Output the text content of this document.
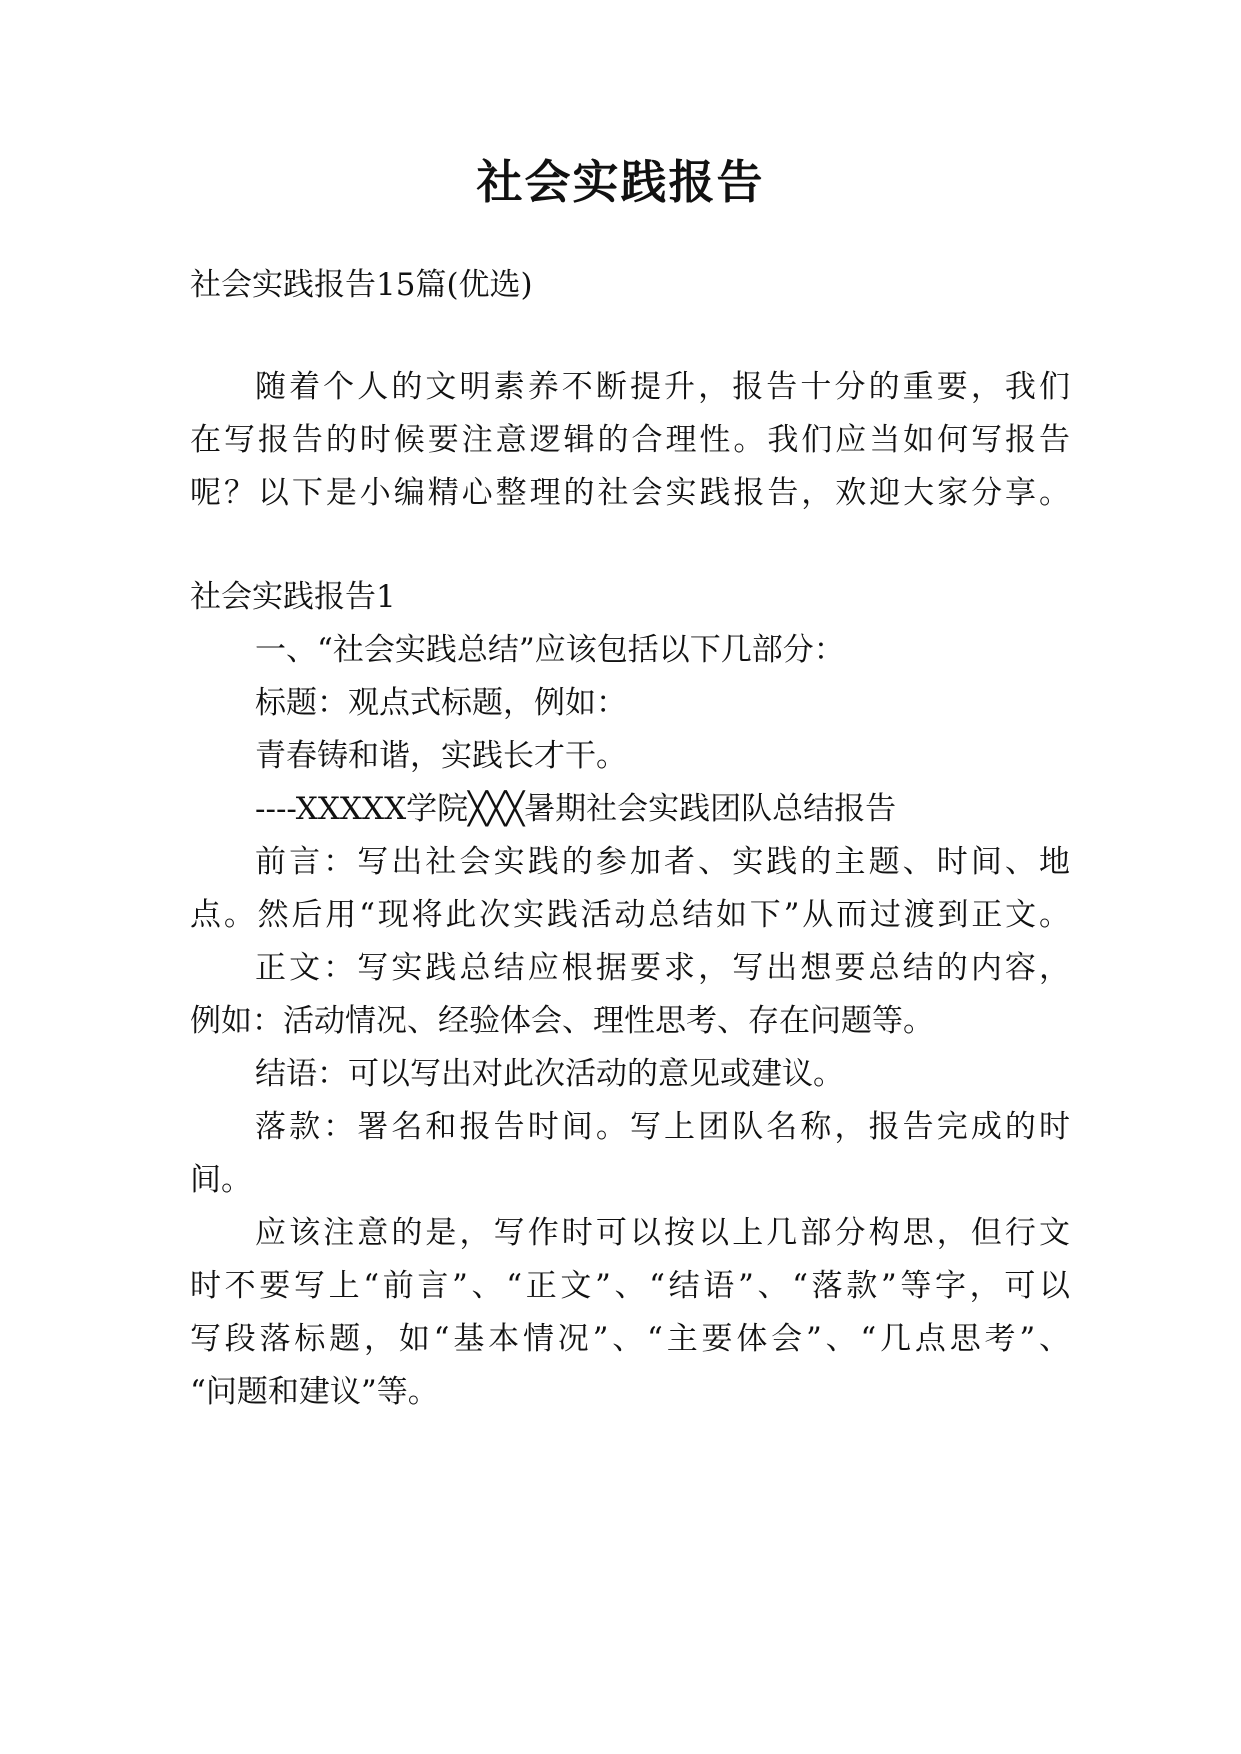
社会实践报告
社会实践报告15篇(优选)
随着个人的文明素养不断提升，报告十分的重要，我们
在写报告的时候要注意逻辑的合理性。我们应当如何写报告
呢？以下是小编精心整理的社会实践报告，欢迎大家分享。
社会实践报告1
一、“社会实践总结”应该包括以下几部分：
标题：观点式标题，例如：
青春铸和谐，实践长才干。
----XXXXX学院╳╳╳暑期社会实践团队总结报告
前言：写出社会实践的参加者、实践的主题、时间、地
点。然后用“现将此次实践活动总结如下”从而过渡到正文。
正文：写实践总结应根据要求，写出想要总结的内容，
例如：活动情况、经验体会、理性思考、存在问题等。
结语：可以写出对此次活动的意见或建议。
落款：署名和报告时间。写上团队名称，报告完成的时
间。
应该注意的是，写作时可以按以上几部分构思，但行文
时不要写上“前言”、“正文”、“结语”、“落款”等字，可以
写段落标题，如“基本情况”、“主要体会”、“几点思考”、
“问题和建议”等。
